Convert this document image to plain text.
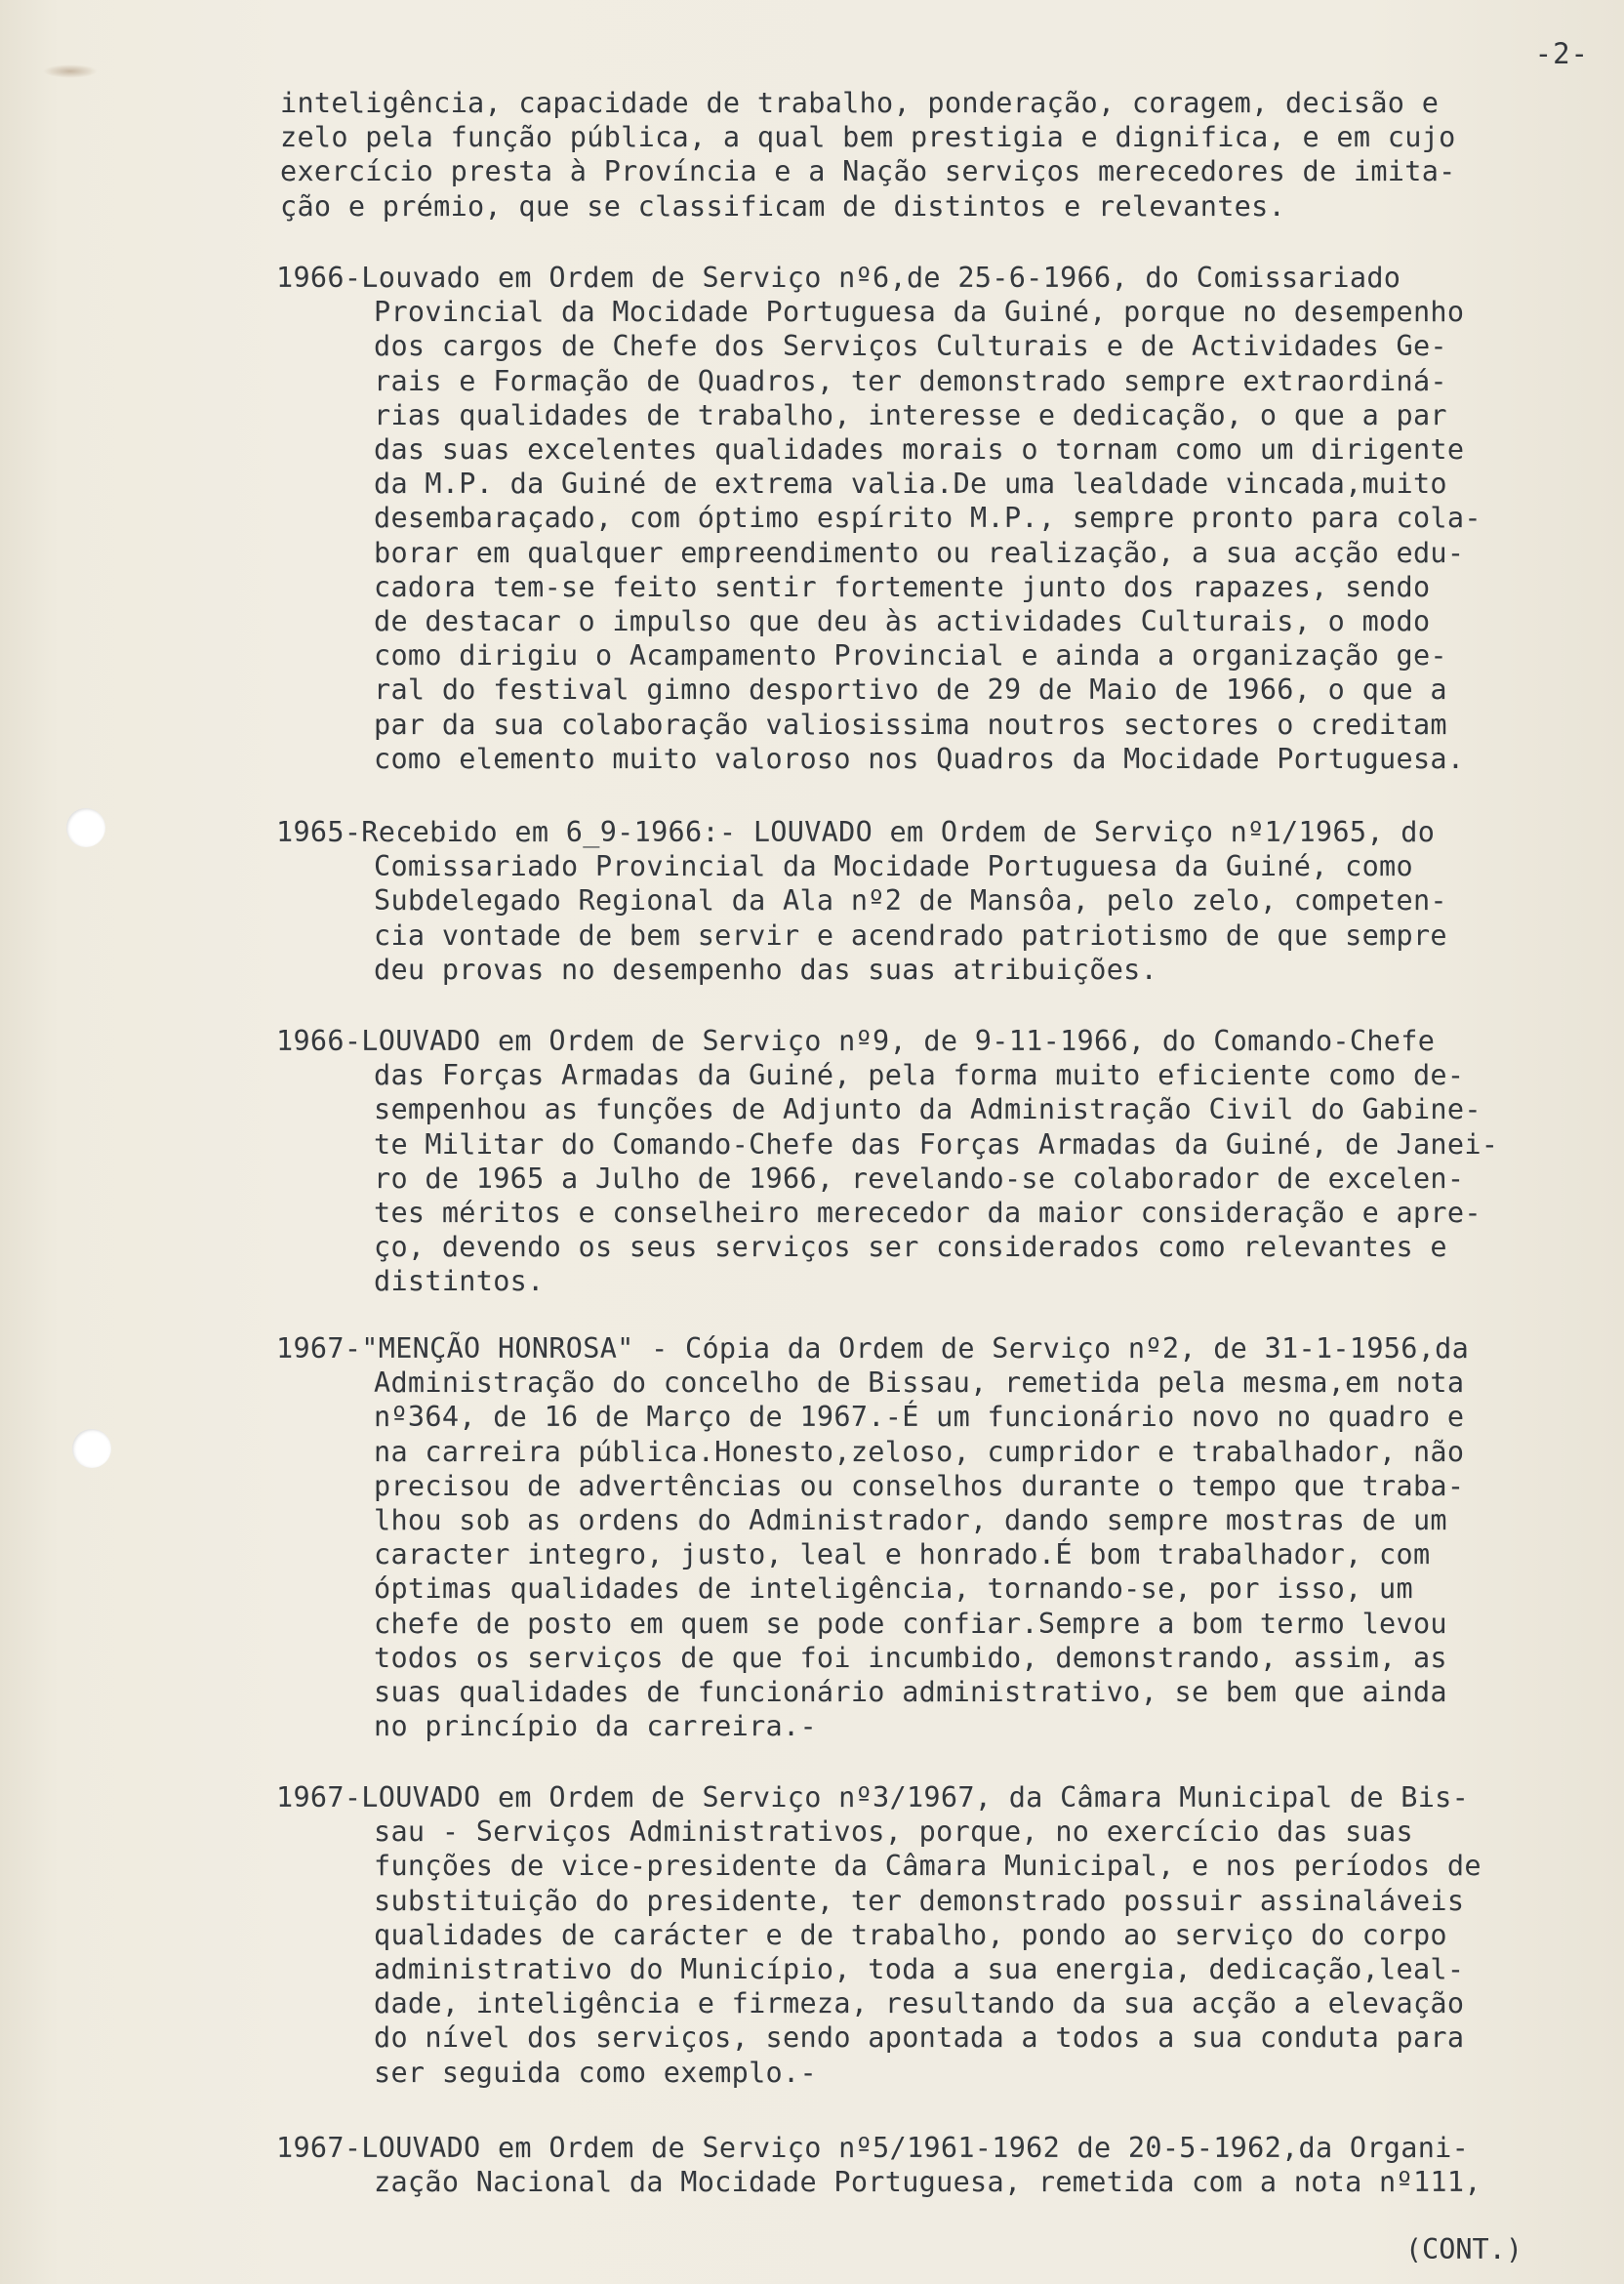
-2-

inteligência, capacidade de trabalho, ponderação, coragem, decisão e
zelo pela função pública, a qual bem prestigia e dignifica, e em cujo
exercício presta à Província e a Nação serviços merecedores de imita-
ção e prémio, que se classificam de distintos e relevantes.
1966-Louvado em Ordem de Serviço nº6,de 25-6-1966, do Comissariado
Provincial da Mocidade Portuguesa da Guiné, porque no desempenho
dos cargos de Chefe dos Serviços Culturais e de Actividades Ge-
rais e Formação de Quadros, ter demonstrado sempre extraordiná-
rias qualidades de trabalho, interesse e dedicação, o que a par
das suas excelentes qualidades morais o tornam como um dirigente
da M.P. da Guiné de extrema valia.De uma lealdade vincada,muito
desembaraçado, com óptimo espírito M.P., sempre pronto para cola-
borar em qualquer empreendimento ou realização, a sua acção edu-
cadora tem-se feito sentir fortemente junto dos rapazes, sendo
de destacar o impulso que deu às actividades Culturais, o modo
como dirigiu o Acampamento Provincial e ainda a organização ge-
ral do festival gimno desportivo de 29 de Maio de 1966, o que a
par da sua colaboração valiosissima noutros sectores o creditam
como elemento muito valoroso nos Quadros da Mocidade Portuguesa.
1965-Recebido em 6_9-1966:- LOUVADO em Ordem de Serviço nº1/1965, do
Comissariado Provincial da Mocidade Portuguesa da Guiné, como
Subdelegado Regional da Ala nº2 de Mansôa, pelo zelo, competen-
cia vontade de bem servir e acendrado patriotismo de que sempre
deu provas no desempenho das suas atribuições.
1966-LOUVADO em Ordem de Serviço nº9, de 9-11-1966, do Comando-Chefe
das Forças Armadas da Guiné, pela forma muito eficiente como de-
sempenhou as funções de Adjunto da Administração Civil do Gabine-
te Militar do Comando-Chefe das Forças Armadas da Guiné, de Janei-
ro de 1965 a Julho de 1966, revelando-se colaborador de excelen-
tes méritos e conselheiro merecedor da maior consideração e apre-
ço, devendo os seus serviços ser considerados como relevantes e
distintos.
1967-"MENÇÃO HONROSA" - Cópia da Ordem de Serviço nº2, de 31-1-1956,da
Administração do concelho de Bissau, remetida pela mesma,em nota
nº364, de 16 de Março de 1967.-É um funcionário novo no quadro e
na carreira pública.Honesto,zeloso, cumpridor e trabalhador, não
precisou de advertências ou conselhos durante o tempo que traba-
lhou sob as ordens do Administrador, dando sempre mostras de um
caracter integro, justo, leal e honrado.É bom trabalhador, com
óptimas qualidades de inteligência, tornando-se, por isso, um
chefe de posto em quem se pode confiar.Sempre a bom termo levou
todos os serviços de que foi incumbido, demonstrando, assim, as
suas qualidades de funcionário administrativo, se bem que ainda
no princípio da carreira.-
1967-LOUVADO em Ordem de Serviço nº3/1967, da Câmara Municipal de Bis-
sau - Serviços Administrativos, porque, no exercício das suas
funções de vice-presidente da Câmara Municipal, e nos períodos de
substituição do presidente, ter demonstrado possuir assinaláveis
qualidades de carácter e de trabalho, pondo ao serviço do corpo
administrativo do Município, toda a sua energia, dedicação,leal-
dade, inteligência e firmeza, resultando da sua acção a elevação
do nível dos serviços, sendo apontada a todos a sua conduta para
ser seguida como exemplo.-
1967-LOUVADO em Ordem de Serviço nº5/1961-1962 de 20-5-1962,da Organi-
zação Nacional da Mocidade Portuguesa, remetida com a nota nº111,

(CONT.)
